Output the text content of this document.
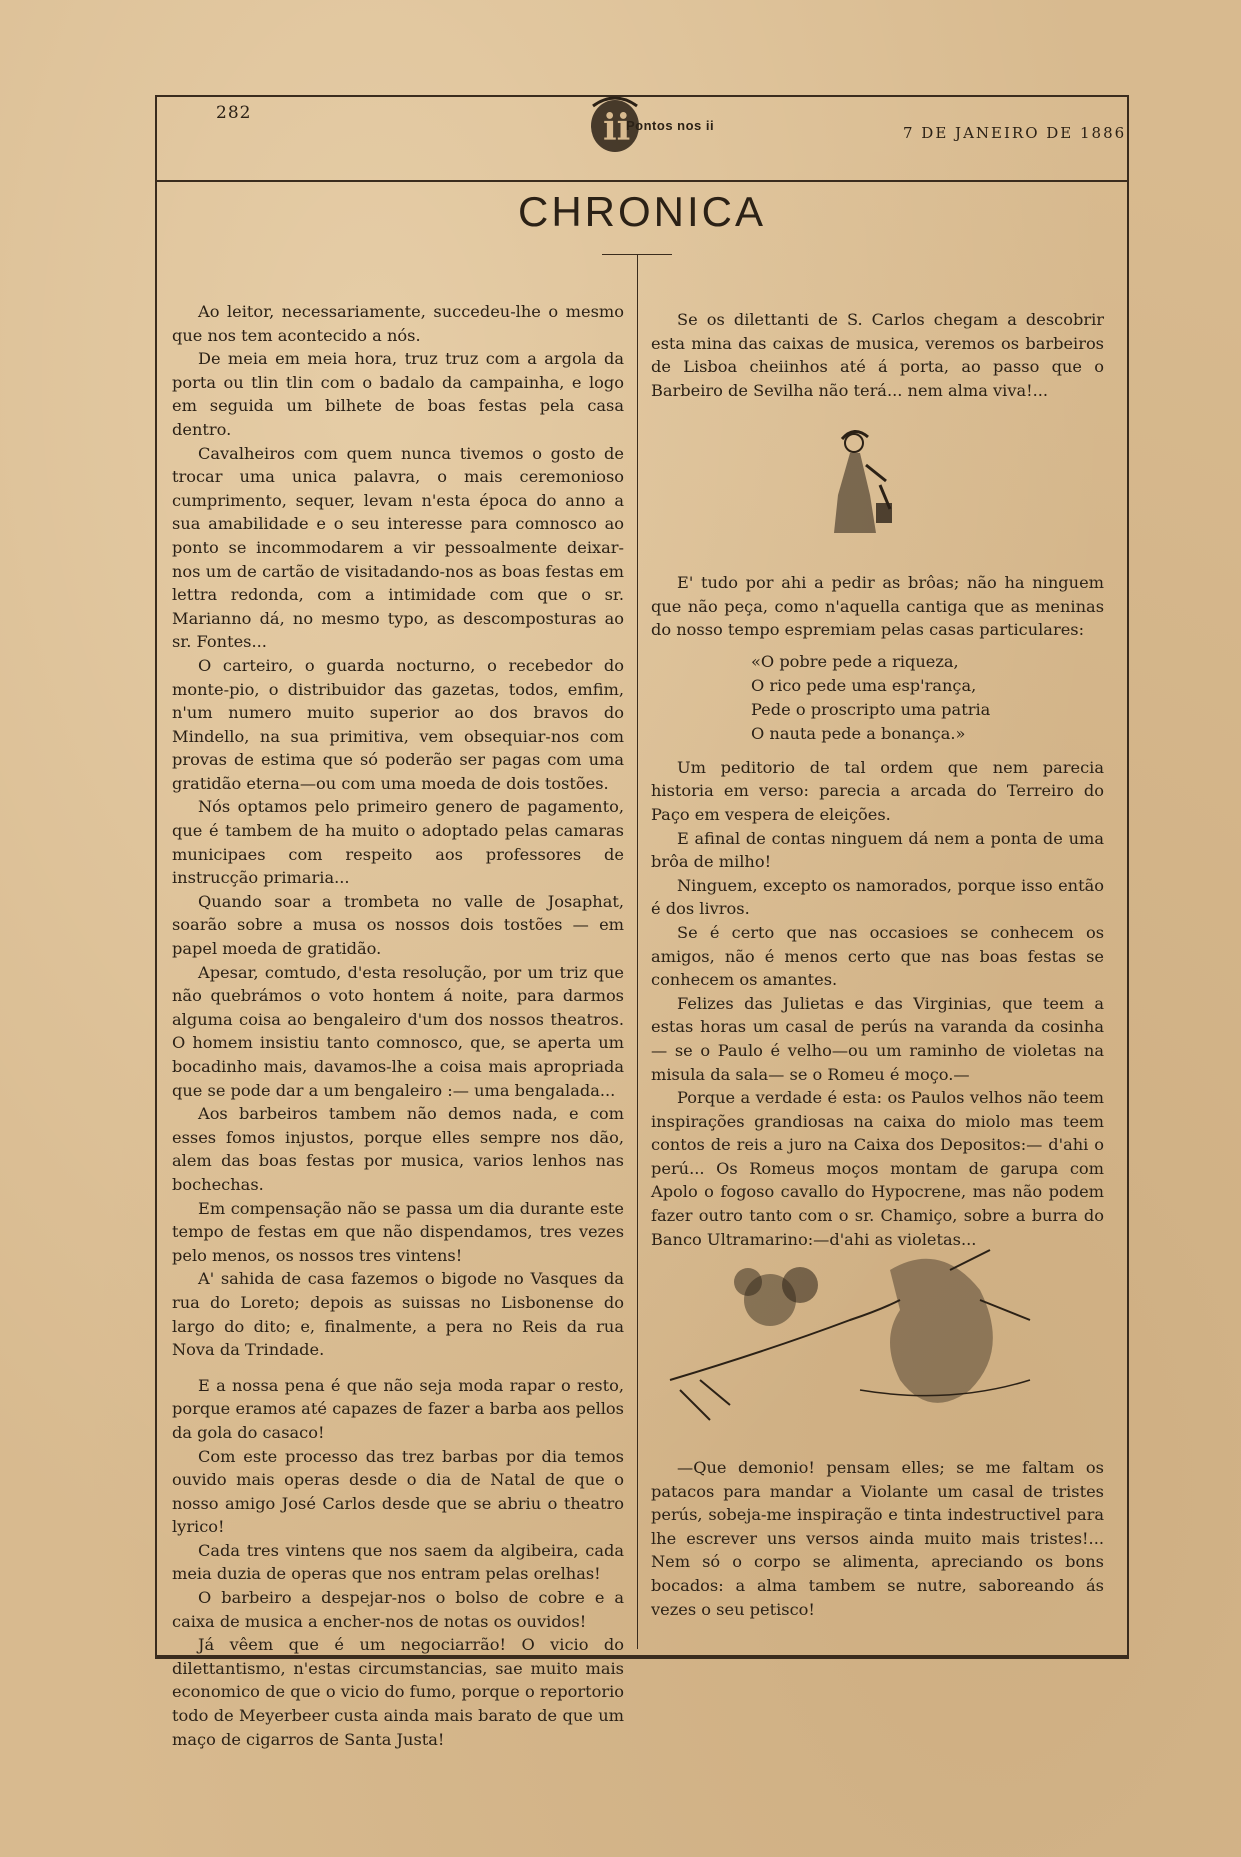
282	ii
Pontos nos ii	7 DE JANEIRO DE 1886
CHRONICA

Ao leitor, necessariamente, succedeu-lhe o mesmo que nos tem acontecido a nós.

De meia em meia hora, truz truz com a argola da porta ou tlin tlin com o badalo da campainha, e logo em seguida um bilhete de boas festas pela casa dentro.

Cavalheiros com quem nunca tivemos o gosto de trocar uma unica palavra, o mais ceremonioso cumprimento, sequer, levam n'esta época do anno a sua amabilidade e o seu interesse para comnosco ao ponto se incommodarem a vir pessoalmente deixar-nos um de cartão de visitadando-nos as boas festas em lettra redonda, com a intimidade com que o sr. Marianno dá, no mesmo typo, as descomposturas ao sr. Fontes...

O carteiro, o guarda nocturno, o recebedor do monte-pio, o distribuidor das gazetas, todos, emfim, n'um numero muito superior ao dos bravos do Mindello, na sua primitiva, vem obsequiar-nos com provas de estima que só poderão ser pagas com uma gratidão eterna—ou com uma moeda de dois tostões.

Nós optamos pelo primeiro genero de pagamento, que é tambem de ha muito o adoptado pelas camaras municipaes com respeito aos professores de instrucção primaria...

Quando soar a trombeta no valle de Josaphat, soarão sobre a musa os nossos dois tostões — em papel moeda de gratidão.

Apesar, comtudo, d'esta resolução, por um triz que não quebrámos o voto hontem á noite, para darmos alguma coisa ao bengaleiro d'um dos nossos theatros. O homem insistiu tanto comnosco, que, se aperta um bocadinho mais, davamos-lhe a coisa mais apropriada que se pode dar a um bengaleiro :— uma bengalada...

Aos barbeiros tambem não demos nada, e com esses fomos injustos, porque elles sempre nos dão, alem das boas festas por musica, varios lenhos nas bochechas.

Em compensação não se passa um dia durante este tempo de festas em que não dispendamos, tres vezes pelo menos, os nossos tres vintens!

A' sahida de casa fazemos o bigode no Vasques da rua do Loreto; depois as suissas no Lisbonense do largo do dito; e, finalmente, a pera no Reis da rua Nova da Trindade.

E a nossa pena é que não seja moda rapar o resto, porque eramos até capazes de fazer a barba aos pellos da gola do casaco!

Com este processo das trez barbas por dia temos ouvido mais operas desde o dia de Natal de que o nosso amigo José Carlos desde que se abriu o theatro lyrico!

Cada tres vintens que nos saem da algibeira, cada meia duzia de operas que nos entram pelas orelhas!

O barbeiro a despejar-nos o bolso de cobre e a caixa de musica a encher-nos de notas os ouvidos!

Já vêem que é um negociarrão! O vicio do dilettantismo, n'estas circumstancias, sae muito mais economico de que o vicio do fumo, porque o reportorio todo de Meyerbeer custa ainda mais barato de que um maço de cigarros de Santa Justa!

Se os dilettanti de S. Carlos chegam a descobrir esta mina das caixas de musica, veremos os barbeiros de Lisboa cheiinhos até á porta, ao passo que o Barbeiro de Sevilha não terá... nem alma viva!...

E' tudo por ahi a pedir as brôas; não ha ninguem que não peça, como n'aquella cantiga que as meninas do nosso tempo espremiam pelas casas particulares:

«O pobre pede a riqueza,
O rico pede uma esp'rança,
Pede o proscripto uma patria
O nauta pede a bonança.»

Um peditorio de tal ordem que nem parecia historia em verso: parecia a arcada do Terreiro do Paço em vespera de eleições.

E afinal de contas ninguem dá nem a ponta de uma brôa de milho!

Ninguem, excepto os namorados, porque isso então é dos livros.

Se é certo que nas occasioes se conhecem os amigos, não é menos certo que nas boas festas se conhecem os amantes.

Felizes das Julietas e das Virginias, que teem a estas horas um casal de perús na varanda da cosinha— se o Paulo é velho—ou um raminho de violetas na misula da sala— se o Romeu é moço.—

Porque a verdade é esta: os Paulos velhos não teem inspirações grandiosas na caixa do miolo mas teem contos de reis a juro na Caixa dos Depositos:— d'ahi o perú... Os Romeus moços montam de garupa com Apolo o fogoso cavallo do Hypocrene, mas não podem fazer outro tanto com o sr. Chamiço, sobre a burra do Banco Ultramarino:—d'ahi as violetas...

—Que demonio! pensam elles; se me faltam os patacos para mandar a Violante um casal de tristes perús, sobeja-me inspiração e tinta indestructivel para lhe escrever uns versos ainda muito mais tristes!... Nem só o corpo se alimenta, apreciando os bons bocados: a alma tambem se nutre, saboreando ás vezes o seu petisco!
